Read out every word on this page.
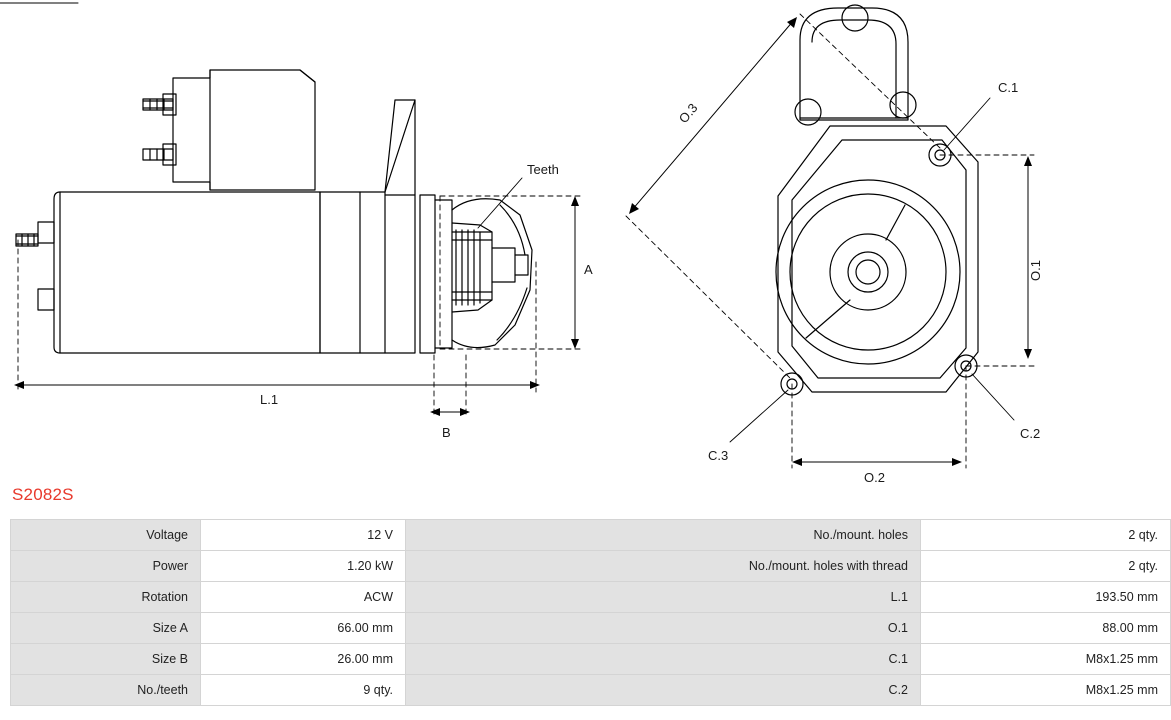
Teeth
A
B
L.1
O.1
O.2
O.3
C.1
C.2
C.3
S2082S
Voltage	12 V	No./mount. holes	2 qty.
Power	1.20 kW	No./mount. holes with thread	2 qty.
Rotation	ACW	L.1	193.50 mm
Size A	66.00 mm	O.1	88.00 mm
Size B	26.00 mm	C.1	M8x1.25 mm
No./teeth	9 qty.	C.2	M8x1.25 mm
